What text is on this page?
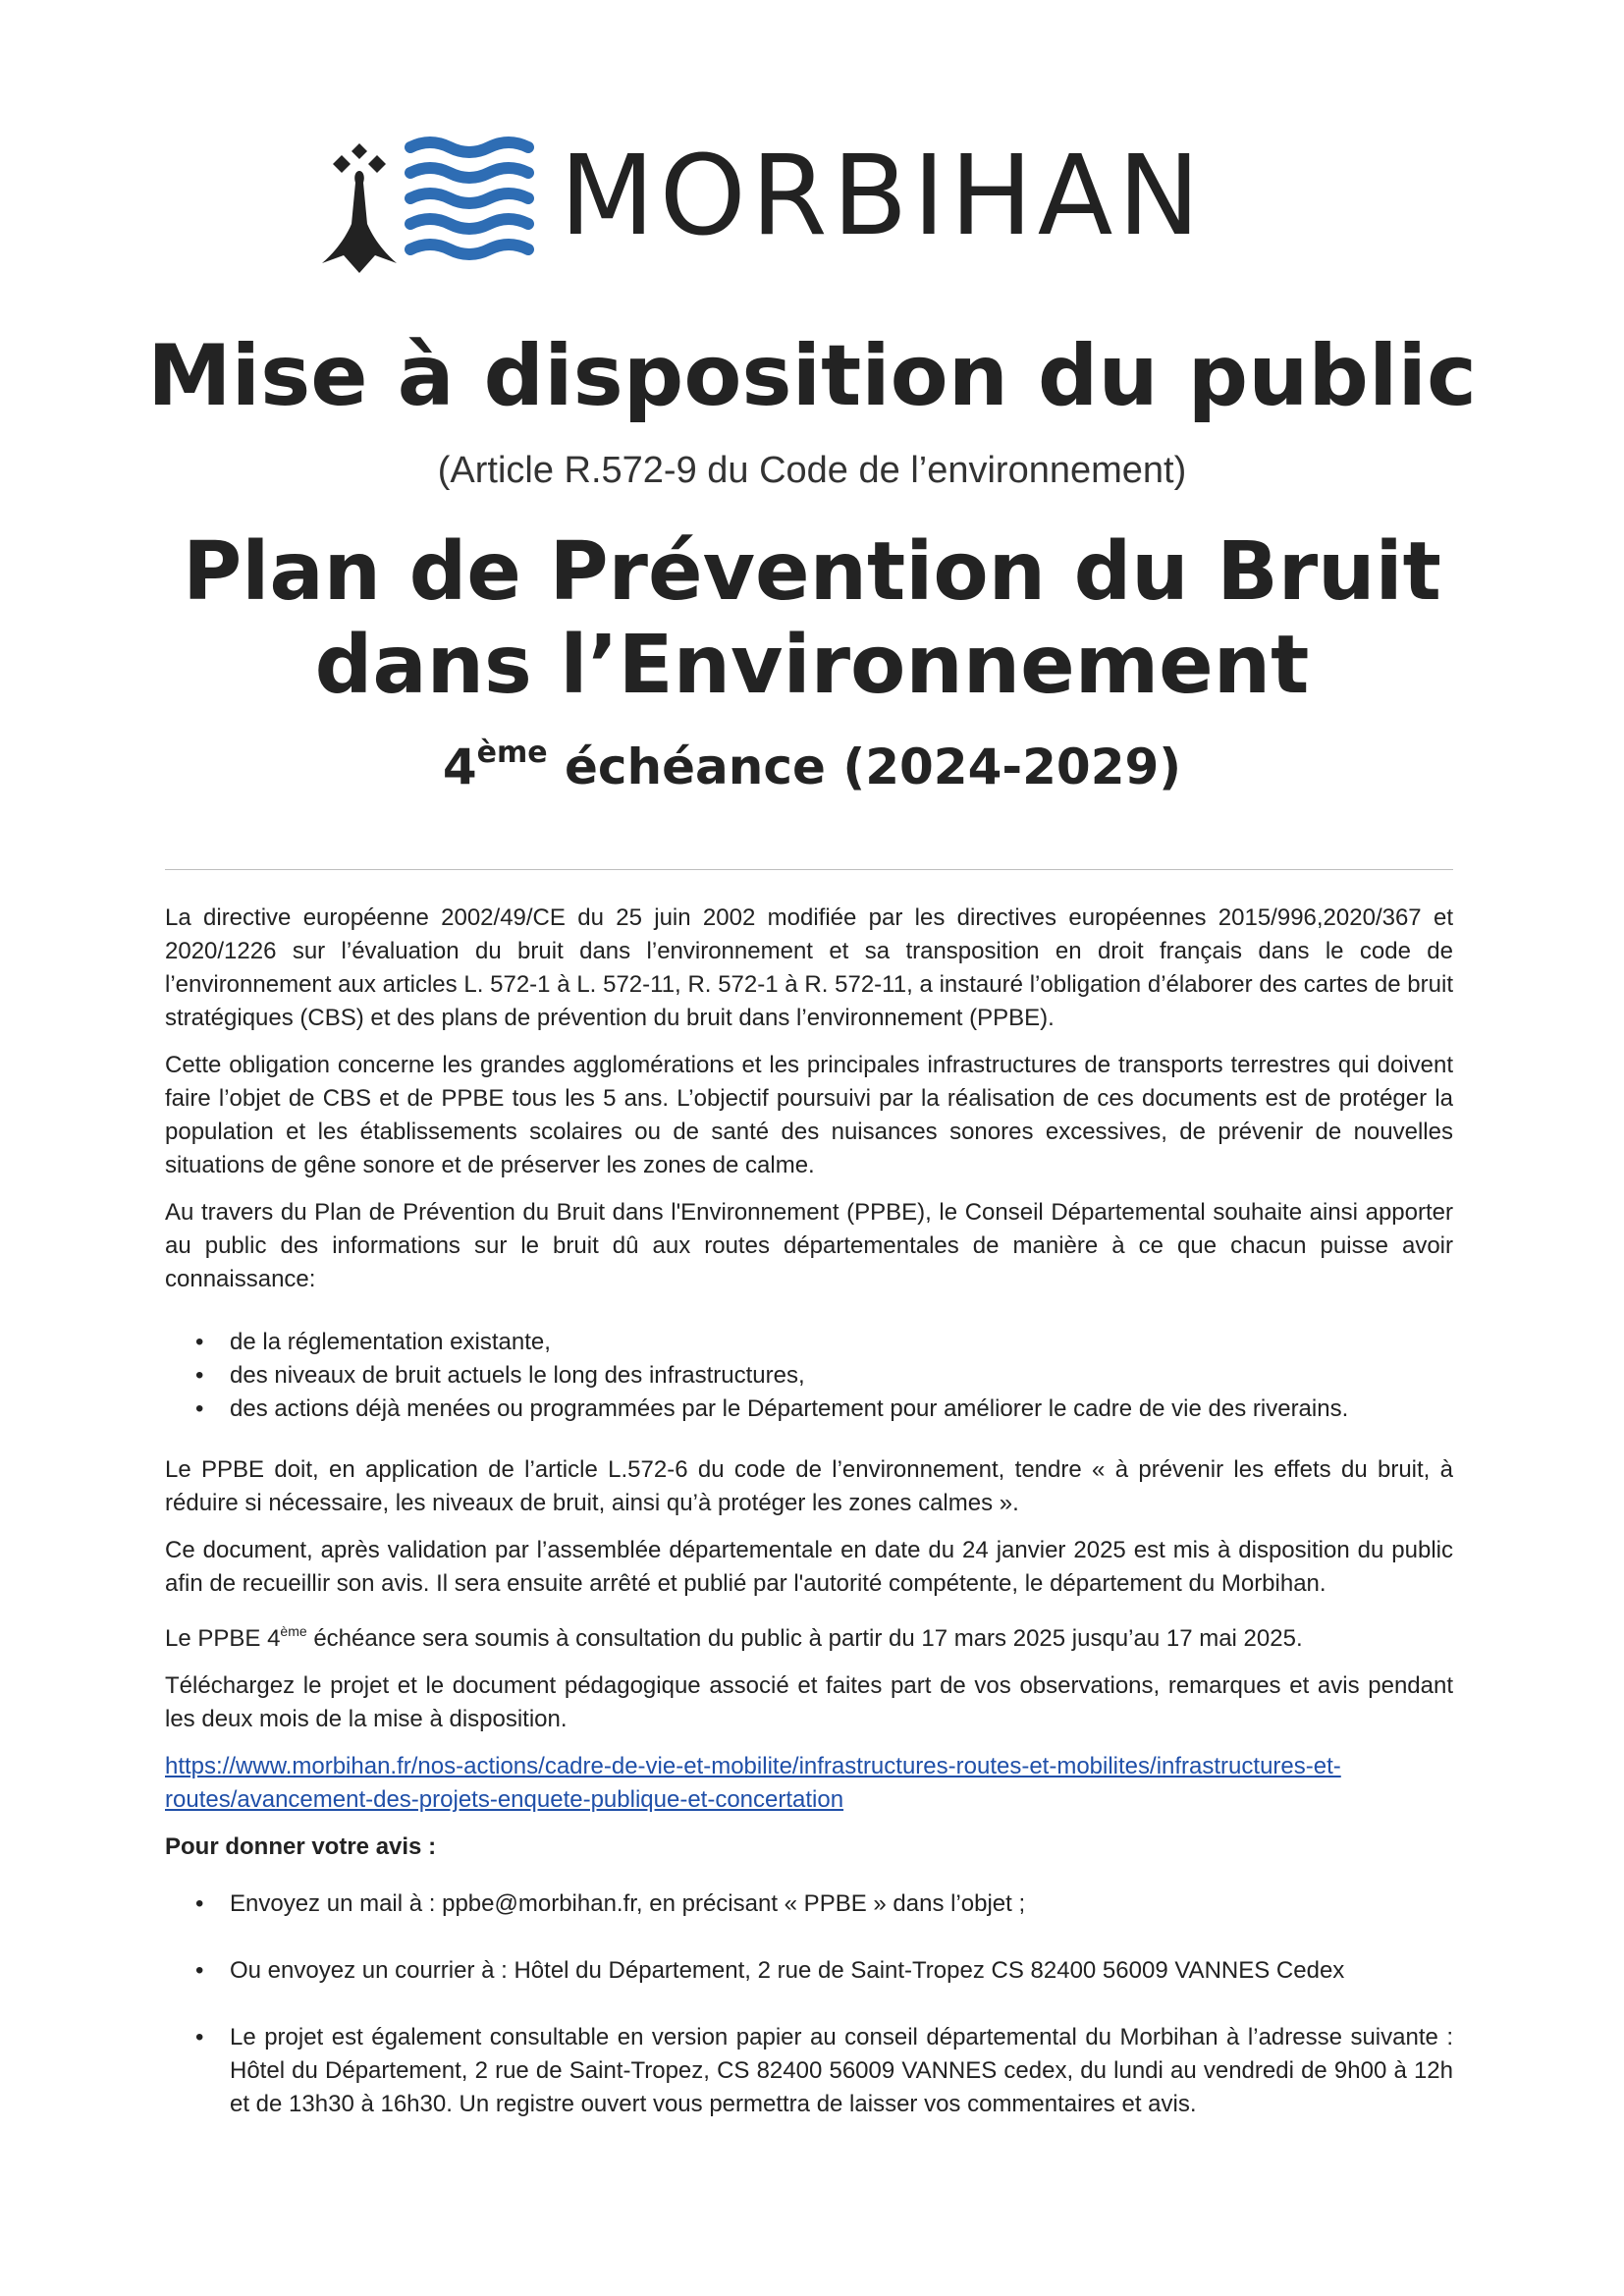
MORBIHAN
Mise à disposition du public
(Article R.572-9 du Code de l’environnement)
Plan de Prévention du Bruit
dans l’Environnement
4ème échéance (2024-2029)

La directive européenne 2002/49/CE du 25 juin 2002 modifiée par les directives européennes 2015/996,2020/367 et 2020/1226 sur l’évaluation du bruit dans l’environnement et sa transposition en droit français dans le code de l’environnement aux articles L. 572-1 à L. 572-11, R. 572-1 à R. 572-11, a instauré l’obligation d’élaborer des cartes de bruit stratégiques (CBS) et des plans de prévention du bruit dans l’environnement (PPBE).

Cette obligation concerne les grandes agglomérations et les principales infrastructures de transports terrestres qui doivent faire l’objet de CBS et de PPBE tous les 5 ans. L’objectif poursuivi par la réalisation de ces documents est de protéger la population et les établissements scolaires ou de santé des nuisances sonores excessives, de prévenir de nouvelles situations de gêne sonore et de préserver les zones de calme.

Au travers du Plan de Prévention du Bruit dans l'Environnement (PPBE), le Conseil Départemental souhaite ainsi apporter au public des informations sur le bruit dû aux routes départementales de manière à ce que chacun puisse avoir connaissance:

• de la réglementation existante,
• des niveaux de bruit actuels le long des infrastructures,
• des actions déjà menées ou programmées par le Département pour améliorer le cadre de vie des riverains.

Le PPBE doit, en application de l’article L.572-6 du code de l’environnement, tendre « à prévenir les effets du bruit, à réduire si nécessaire, les niveaux de bruit, ainsi qu’à protéger les zones calmes ».

Ce document, après validation par l’assemblée départementale en date du 24 janvier 2025 est mis à disposition du public afin de recueillir son avis. Il sera ensuite arrêté et publié par l'autorité compétente, le département du Morbihan.

Le PPBE 4ème échéance sera soumis à consultation du public à partir du 17 mars 2025 jusqu’au 17 mai 2025.

Téléchargez le projet et le document pédagogique associé et faites part de vos observations, remarques et avis pendant les deux mois de la mise à disposition.

https://www.morbihan.fr/nos-actions/cadre-de-vie-et-mobilite/infrastructures-routes-et-mobilites/infrastructures-et-routes/avancement-des-projets-enquete-publique-et-concertation

Pour donner votre avis :

• Envoyez un mail à : ppbe@morbihan.fr, en précisant « PPBE » dans l’objet ;
• Ou envoyez un courrier à : Hôtel du Département, 2 rue de Saint-Tropez CS 82400 56009 VANNES Cedex
• Le projet est également consultable en version papier au conseil départemental du Morbihan à l’adresse suivante : Hôtel du Département, 2 rue de Saint-Tropez, CS 82400 56009 VANNES cedex, du lundi au vendredi de 9h00 à 12h et de 13h30 à 16h30. Un registre ouvert vous permettra de laisser vos commentaires et avis.
